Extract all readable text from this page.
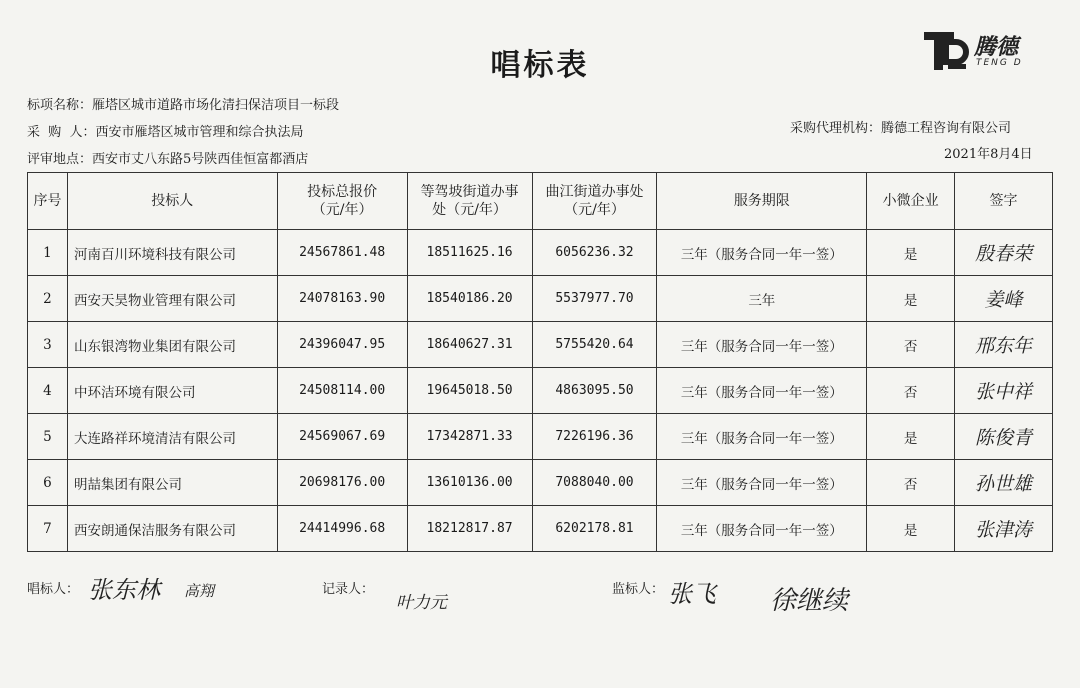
唱标表
腾德
TENG D
标项名称：雁塔区城市道路市场化清扫保洁项目一标段
采  购  人：西安市雁塔区城市管理和综合执法局	采购代理机构：腾德工程咨询有限公司
评审地点：西安市丈八东路5号陕西佳恒富都酒店	2021年8月4日
序号	投标人	投标总报价
（元/年）	等驾坡街道办事
处（元/年）	曲江街道办事处
（元/年）	服务期限	小微企业	签字
1	河南百川环境科技有限公司	24567861.48	18511625.16	6056236.32	三年（服务合同一年一签）	是	殷春荣
2	西安天昊物业管理有限公司	24078163.90	18540186.20	5537977.70	三年	是	姜峰
3	山东银湾物业集团有限公司	24396047.95	18640627.31	5755420.64	三年（服务合同一年一签）	否	邢东年
4	中环洁环境有限公司	24508114.00	19645018.50	4863095.50	三年（服务合同一年一签）	否	张中祥
5	大连路祥环境清洁有限公司	24569067.69	17342871.33	7226196.36	三年（服务合同一年一签）	是	陈俊青
6	明喆集团有限公司	20698176.00	13610136.00	7088040.00	三年（服务合同一年一签）	否	孙世雄
7	西安朗通保洁服务有限公司	24414996.68	18212817.87	6202178.81	三年（服务合同一年一签）	是	张津涛
唱标人： 张东林 高翔	记录人：
叶力元
监标人： 张飞 徐继续
